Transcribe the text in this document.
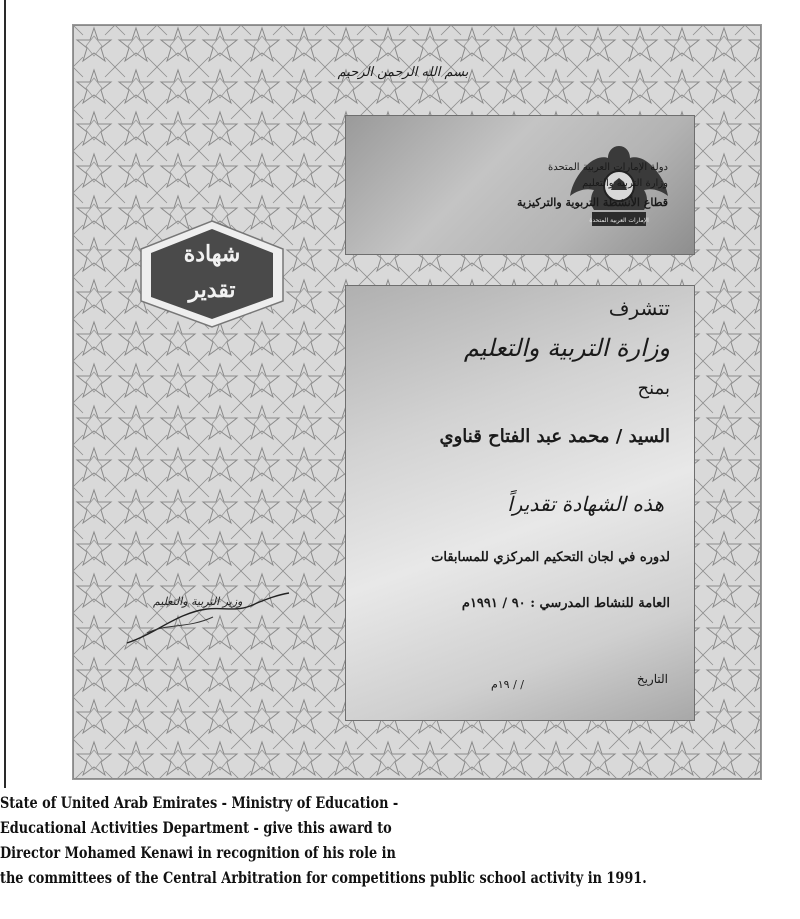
بسم الله الرحمن الرحيم
الإمارات العربية المتحدة
دولة الإمارات العربية المتحدة
وزارة التربية والتعليم
قطاع الأنشطة التربوية والتركيزية
شهادة
تقدير
تتشرف
وزارة التربية والتعليم
بمنح
السيد / محمد عبد الفتاح قناوي
هذه الشهادة تقديراً
لدوره في لجان التحكيم المركزي للمسابقات
العامة للنشاط المدرسي : ٩٠ / ١٩٩١م
التاريخ
/ / ١٩م
وزير التربية والتعليم
State of United Arab Emirates - Ministry of Education -
Educational Activities Department - give this award to
Director Mohamed Kenawi in recognition of his role in
the committees of the Central Arbitration for competitions public school activity in 1991.
